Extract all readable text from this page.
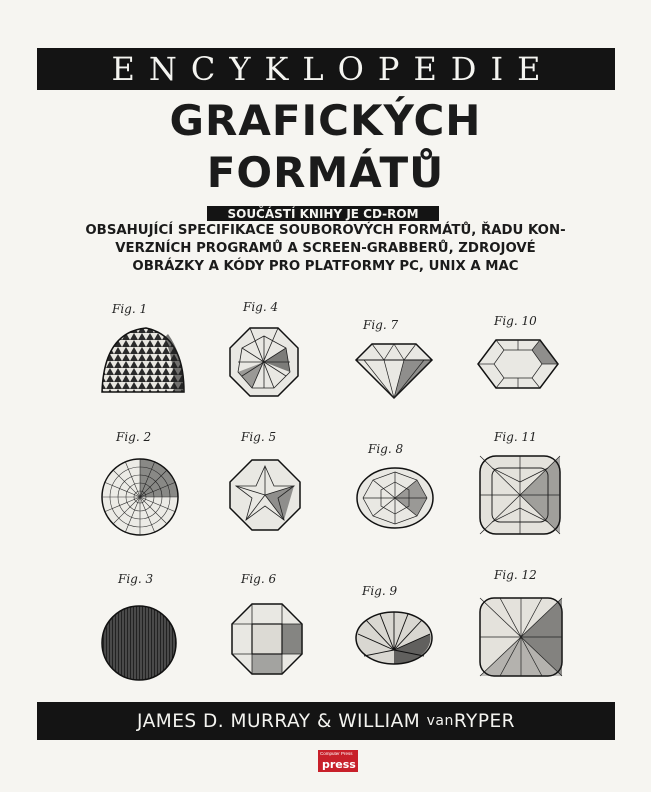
ENCYKLOPEDIE
GRAFICKÝCH
FORMÁTŮ
SOUČÁSTÍ KNIHY JE CD-ROM
OBSAHUJÍCÍ SPECIFIKACE SOUBOROVÝCH FORMÁTŮ, ŘADU KON-
VERZNÍCH PROGRAMŮ A SCREEN-GRABBERŮ, ZDROJOVÉ
OBRÁZKY A KÓDY PRO PLATFORMY PC, UNIX A MAC
Fig. 1
Fig. 2
Fig. 3
Fig. 4
Fig. 5
Fig. 6
Fig. 7
Fig. 8
Fig. 9
Fig. 10
Fig. 11
Fig. 12
JAMES D. MURRAY
&
WILLIAM
van RYPER
Computer Press
press
